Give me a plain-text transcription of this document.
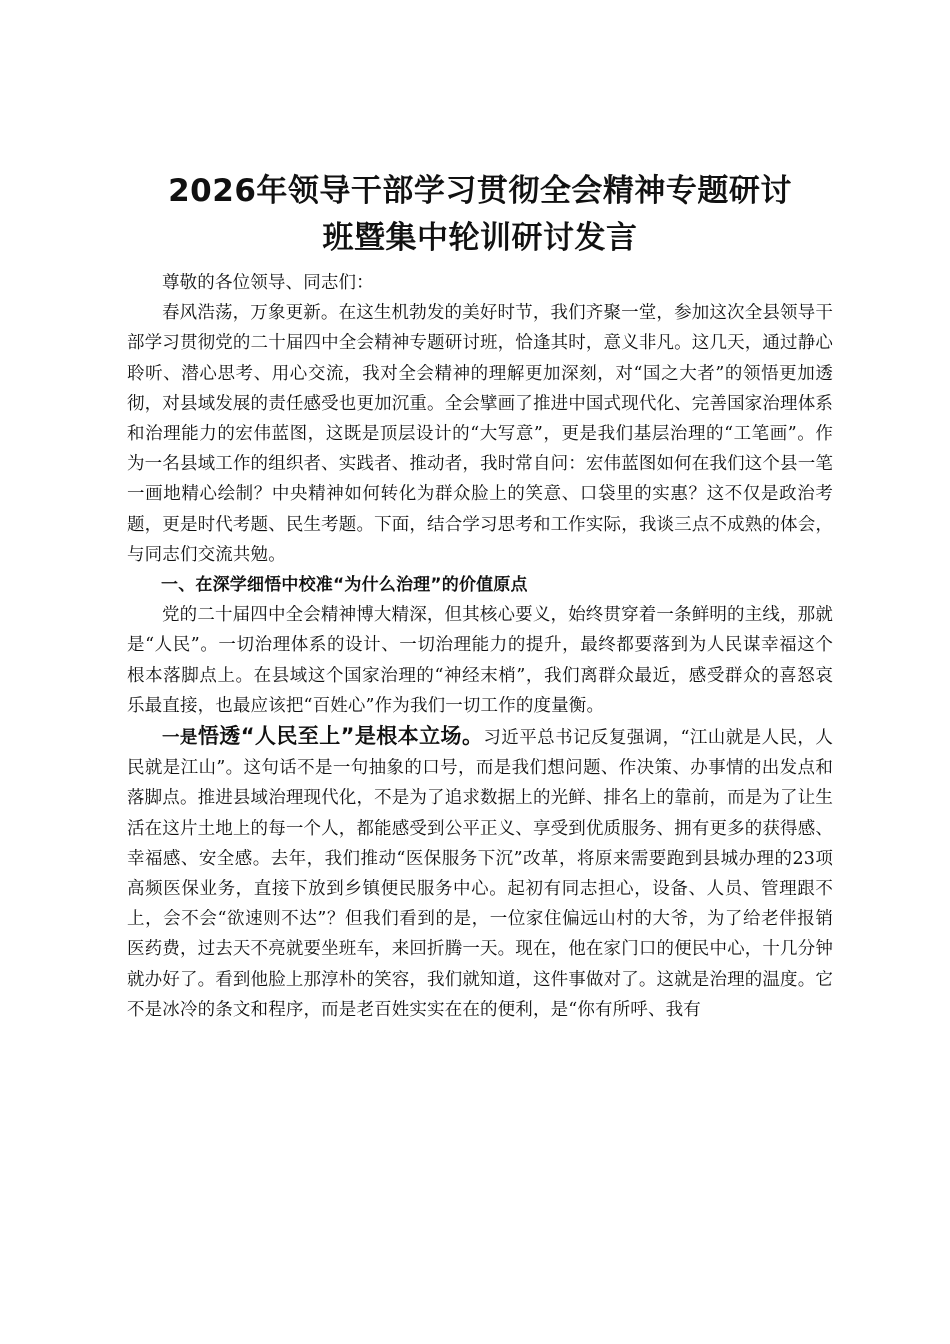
2026年领导干部学习贯彻全会精神专题研讨
班暨集中轮训研讨发言

尊敬的各位领导、同志们：

春风浩荡，万象更新。在这生机勃发的美好时节，我们齐聚一堂，参加这次全县领导干部学习贯彻党的二十届四中全会精神专题研讨班，恰逢其时，意义非凡。这几天，通过静心聆听、潜心思考、用心交流，我对全会精神的理解更加深刻，对“国之大者”的领悟更加透彻，对县域发展的责任感受也更加沉重。全会擘画了推进中国式现代化、完善国家治理体系和治理能力的宏伟蓝图，这既是顶层设计的“大写意”，更是我们基层治理的“工笔画”。作为一名县域工作的组织者、实践者、推动者，我时常自问：宏伟蓝图如何在我们这个县一笔一画地精心绘制？中央精神如何转化为群众脸上的笑意、口袋里的实惠？这不仅是政治考题，更是时代考题、民生考题。下面，结合学习思考和工作实际，我谈三点不成熟的体会，与同志们交流共勉。

一、在深学细悟中校准“为什么治理”的价值原点

党的二十届四中全会精神博大精深，但其核心要义，始终贯穿着一条鲜明的主线，那就是“人民”。一切治理体系的设计、一切治理能力的提升，最终都要落到为人民谋幸福这个根本落脚点上。在县域这个国家治理的“神经末梢”，我们离群众最近，感受群众的喜怒哀乐最直接，也最应该把“百姓心”作为我们一切工作的度量衡。

一是悟透“人民至上”是根本立场。习近平总书记反复强调，“江山就是人民，人民就是江山”。这句话不是一句抽象的口号，而是我们想问题、作决策、办事情的出发点和落脚点。推进县域治理现代化，不是为了追求数据上的光鲜、排名上的靠前，而是为了让生活在这片土地上的每一个人，都能感受到公平正义、享受到优质服务、拥有更多的获得感、幸福感、安全感。去年，我们推动“医保服务下沉”改革，将原来需要跑到县城办理的23项高频医保业务，直接下放到乡镇便民服务中心。起初有同志担心，设备、人员、管理跟不上，会不会“欲速则不达”？但我们看到的是，一位家住偏远山村的大爷，为了给老伴报销医药费，过去天不亮就要坐班车，来回折腾一天。现在，他在家门口的便民中心，十几分钟就办好了。看到他脸上那淳朴的笑容，我们就知道，这件事做对了。这就是治理的温度。它不是冰冷的条文和程序，而是老百姓实实在在的便利，是“你有所呼、我有
